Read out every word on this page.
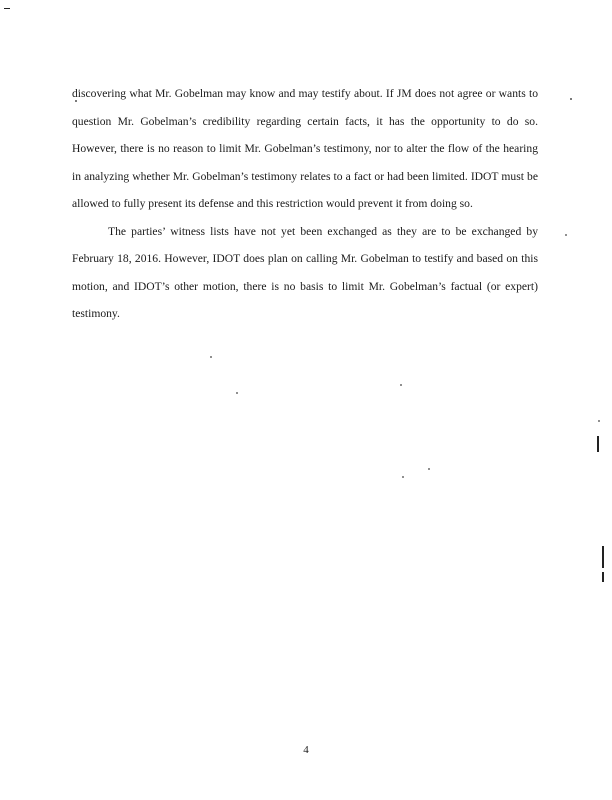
discovering what Mr. Gobelman may know and may testify about. If JM does not agree or wants to question Mr. Gobelman’s credibility regarding certain facts, it has the opportunity to do so. However, there is no reason to limit Mr. Gobelman’s testimony, nor to alter the flow of the hearing in analyzing whether Mr. Gobelman’s testimony relates to a fact or had been limited. IDOT must be allowed to fully present its defense and this restriction would prevent it from doing so.

The parties’ witness lists have not yet been exchanged as they are to be exchanged by February 18, 2016. However, IDOT does plan on calling Mr. Gobelman to testify and based on this motion, and IDOT’s other motion, there is no basis to limit Mr. Gobelman’s factual (or expert) testimony.

4
